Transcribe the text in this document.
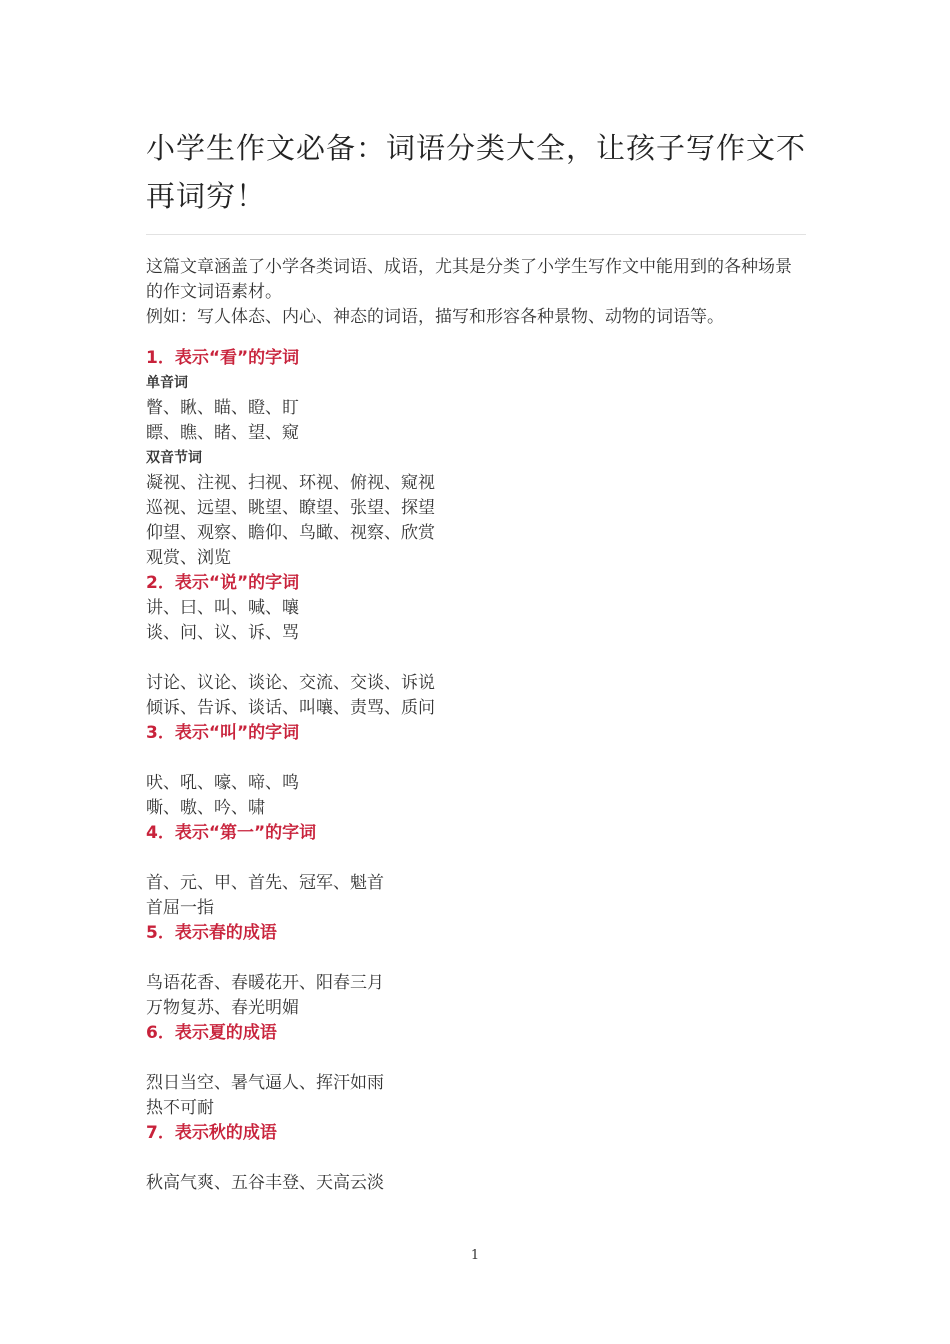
小学生作文必备：词语分类大全，让孩子写作文不再词穷！

这篇文章涵盖了小学各类词语、成语，尤其是分类了小学生写作文中能用到的各种场景的作文词语素材。

例如：写人体态、内心、神态的词语，描写和形容各种景物、动物的词语等。

1．表示“看”的字词

单音词

瞥、瞅、瞄、瞪、盯

瞟、瞧、睹、望、窥

双音节词

凝视、注视、扫视、环视、俯视、窥视

巡视、远望、眺望、瞭望、张望、探望

仰望、观察、瞻仰、鸟瞰、视察、欣赏

观赏、浏览

2．表示“说”的字词

讲、曰、叫、喊、嚷

谈、问、议、诉、骂

讨论、议论、谈论、交流、交谈、诉说

倾诉、告诉、谈话、叫嚷、责骂、质问

3．表示“叫”的字词

吠、吼、嚎、啼、鸣

嘶、嗷、吟、啸

4．表示“第一”的字词

首、元、甲、首先、冠军、魁首

首屈一指

5．表示春的成语

鸟语花香、春暖花开、阳春三月

万物复苏、春光明媚

6．表示夏的成语

烈日当空、暑气逼人、挥汗如雨

热不可耐

7．表示秋的成语

秋高气爽、五谷丰登、天高云淡

1
